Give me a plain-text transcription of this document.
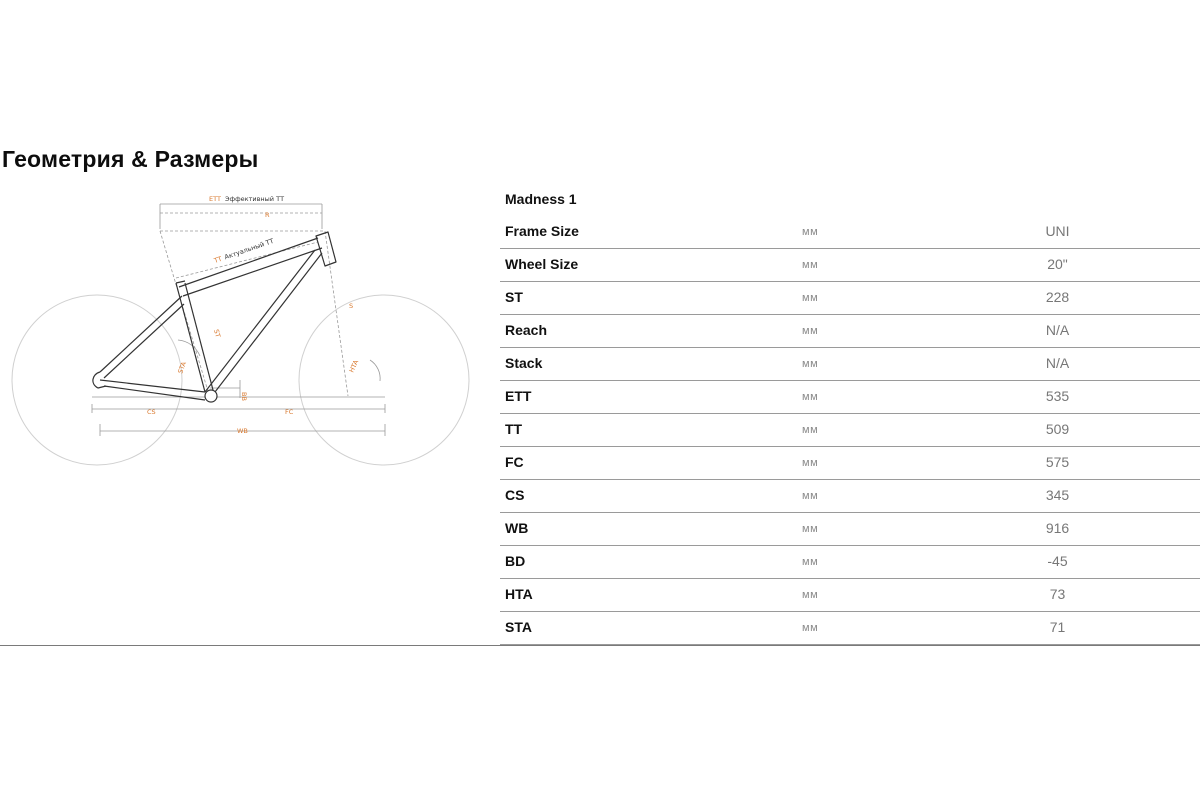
Геометрия & Размеры
ETT Эффективный ТТ
R
TT Актуальный ТТ
ST
S
STA	HTA
BB
CS	FC
WB
Madness 1
Frame Size	мм	UNI
Wheel Size	мм	20"
ST	мм	228
Reach	мм	N/A
Stack	мм	N/A
ETT	мм	535
TT	мм	509
FC	мм	575
CS	мм	345
WB	мм	916
BD	мм	-45
HTA	мм	73
STA	мм	71
